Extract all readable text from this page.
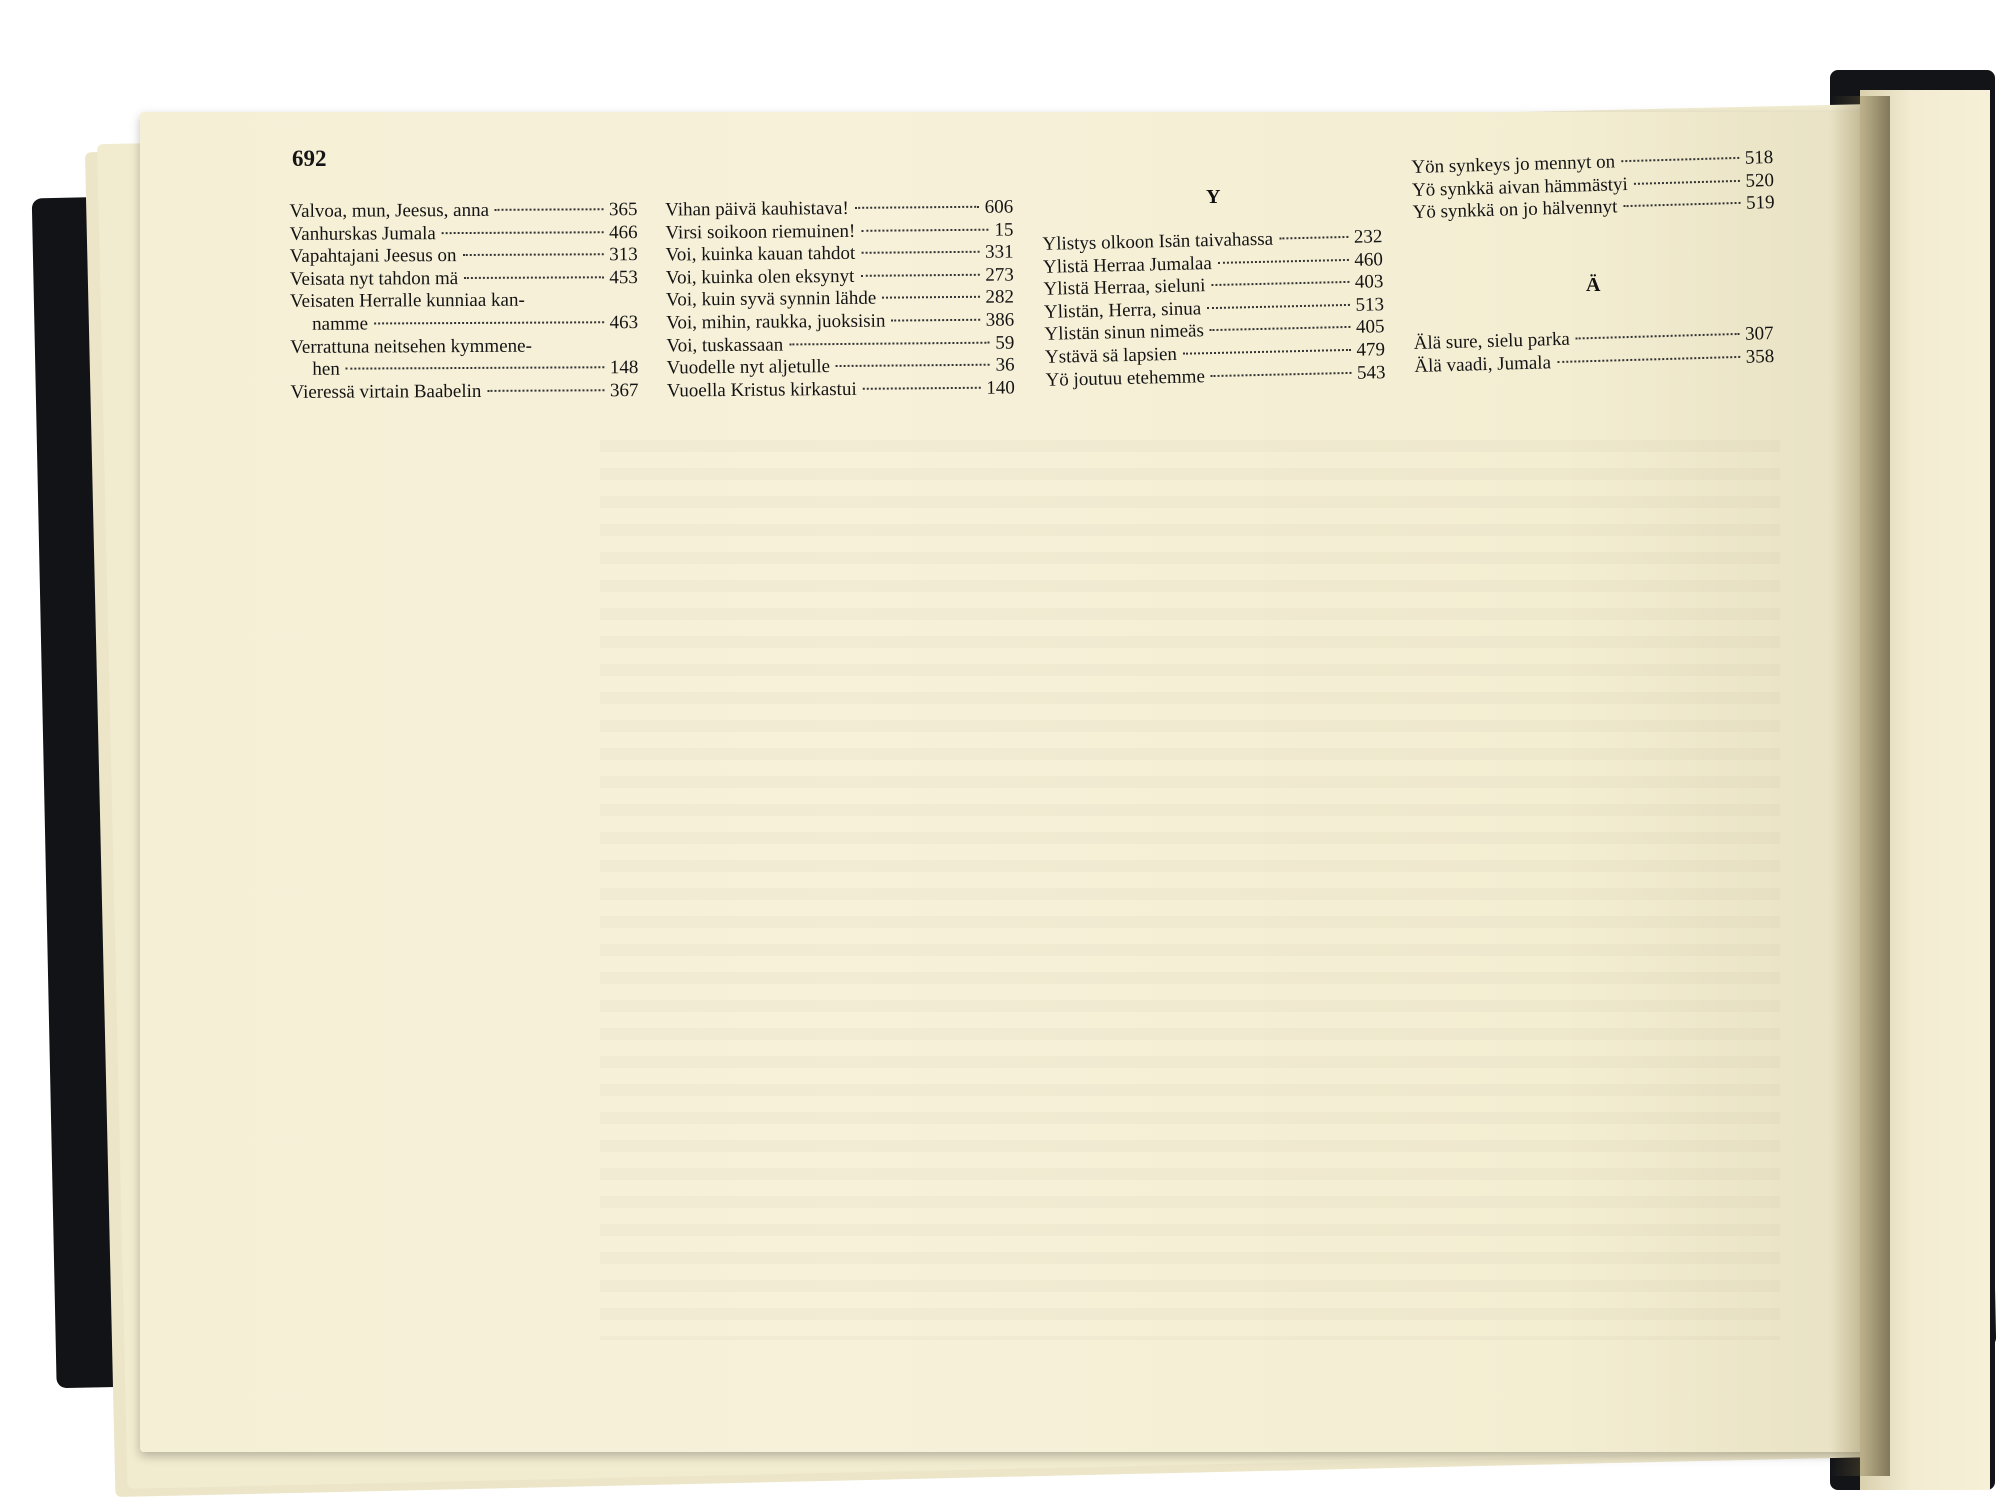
692

Valvoa, mun, Jeesus, anna	365
Vanhurskas Jumala	466
Vapahtajani Jeesus on	313
Veisata nyt tahdon mä	453
Veisaten Herralle kunniaa kan-
namme	463
Verrattuna neitsehen kymmene-
hen	148
Vieressä virtain Baabelin	367
Vihan päivä kauhistava!	606
Virsi soikoon riemuinen!	15
Voi, kuinka kauan tahdot	331
Voi, kuinka olen eksynyt	273
Voi, kuin syvä synnin lähde	282
Voi, mihin, raukka, juoksisin	386
Voi, tuskassaan	59
Vuodelle nyt aljetulle	36
Vuoella Kristus kirkastui	140

Y

Ylistys olkoon Isän taivahassa	232
Ylistä Herraa Jumalaa	460
Ylistä Herraa, sieluni	403
Ylistän, Herra, sinua	513
Ylistän sinun nimeäs	405
Ystävä sä lapsien	479
Yö joutuu etehemme	543
Yön synkeys jo mennyt on	518
Yö synkkä aivan hämmästyi	520
Yö synkkä on jo hälvennyt	519

Ä

Älä sure, sielu parka	307
Älä vaadi, Jumala	358
